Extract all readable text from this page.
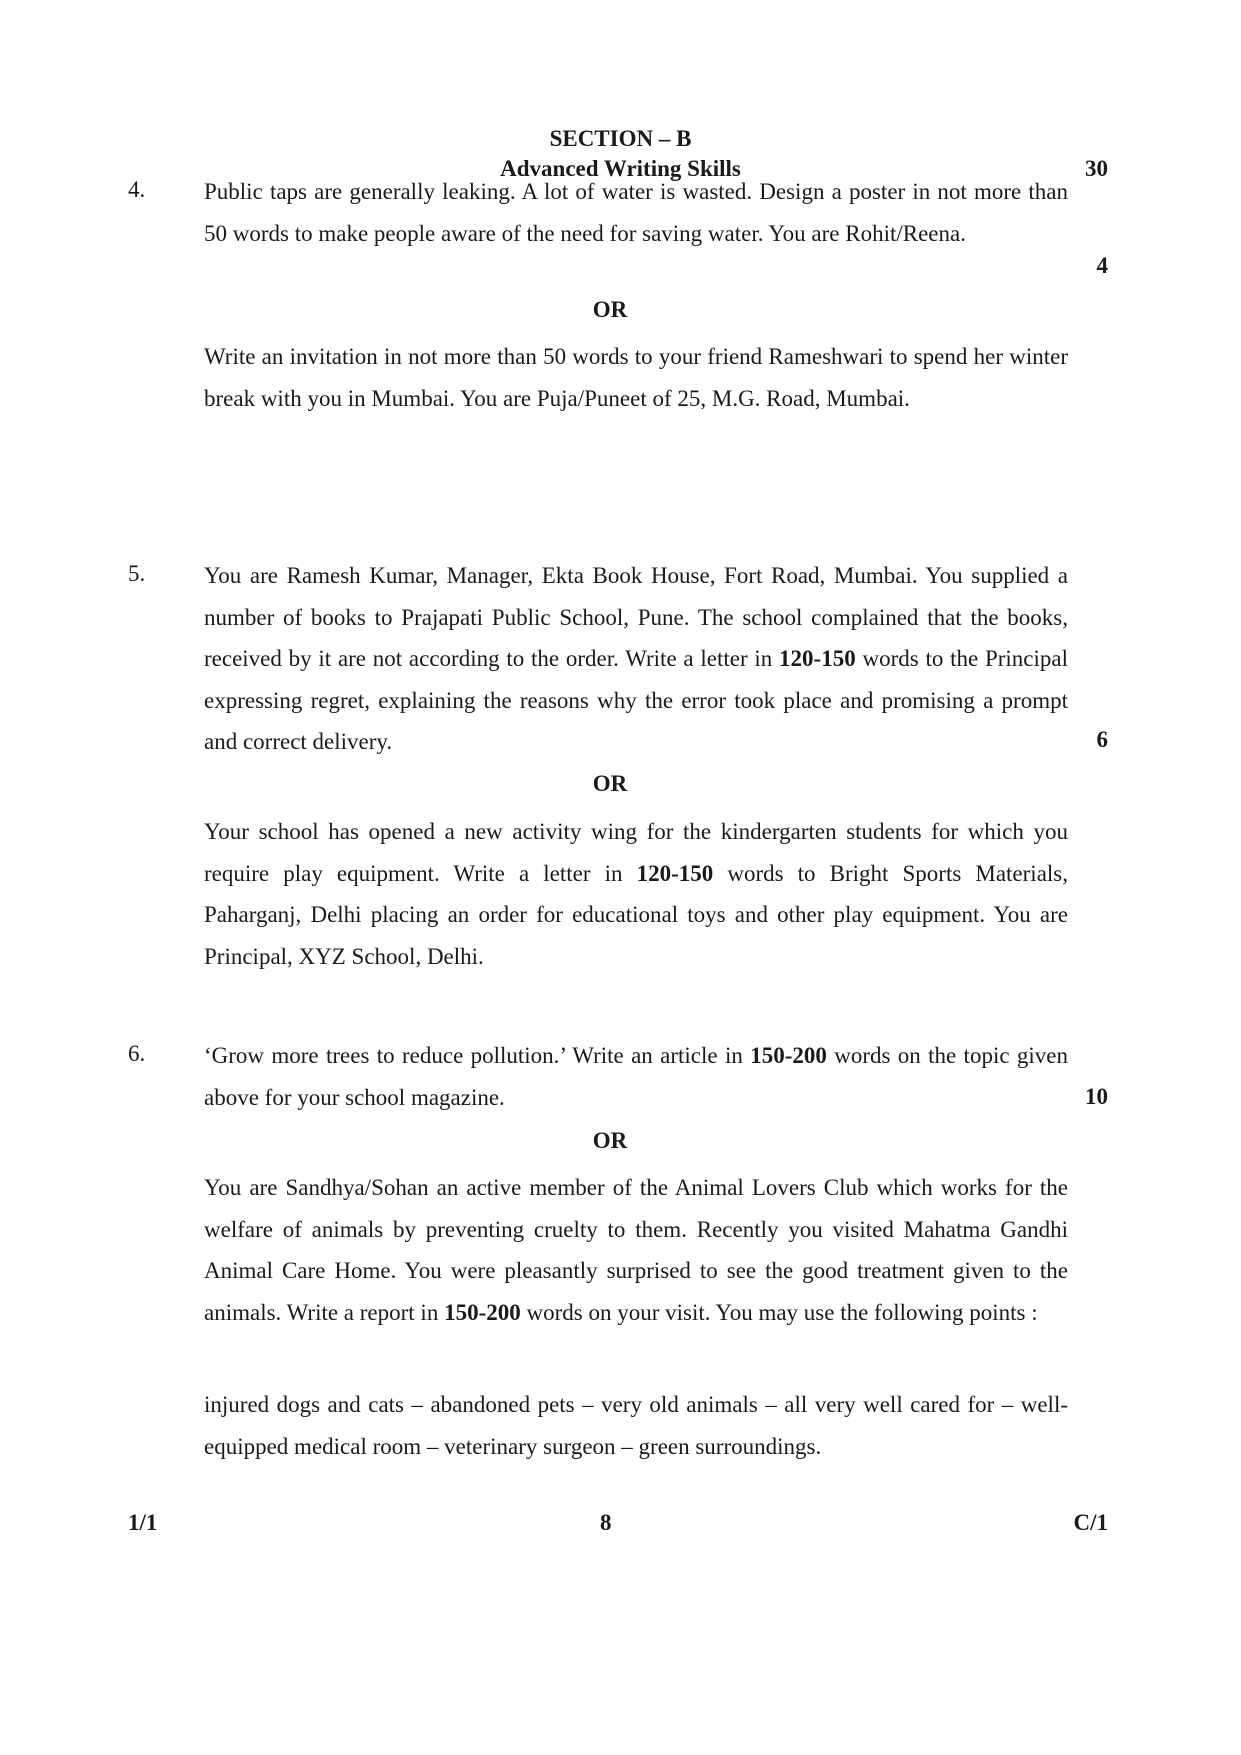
SECTION – B
Advanced Writing Skills	30
4.	Public taps are generally leaking. A lot of water is wasted. Design a poster in not more than 50 words to make people aware of the need for saving water. You are Rohit/Reena.

4
OR

Write an invitation in not more than 50 words to your friend Rameshwari to spend her winter break with you in Mumbai. You are Puja/Puneet of 25, M.G. Road, Mumbai.

5.	You are Ramesh Kumar, Manager, Ekta Book House, Fort Road, Mumbai. You supplied a number of books to Prajapati Public School, Pune. The school complained that the books, received by it are not according to the order. Write a letter in 120-150 words to the Principal expressing regret, explaining the reasons why the error took place and promising a prompt and correct delivery.	6
OR

Your school has opened a new activity wing for the kindergarten students for which you require play equipment. Write a letter in 120-150 words to Bright Sports Materials, Paharganj, Delhi placing an order for educational toys and other play equipment. You are Principal, XYZ School, Delhi.

6.	‘Grow more trees to reduce pollution.’ Write an article in 150-200 words on the topic given above for your school magazine.	10
OR

You are Sandhya/Sohan an active member of the Animal Lovers Club which works for the welfare of animals by preventing cruelty to them. Recently you visited Mahatma Gandhi Animal Care Home. You were pleasantly surprised to see the good treatment given to the animals. Write a report in 150-200 words on your visit. You may use the following points :

injured dogs and cats – abandoned pets – very old animals – all very well cared for – well-equipped medical room – veterinary surgeon – green surroundings.

1/1	8	C/1
